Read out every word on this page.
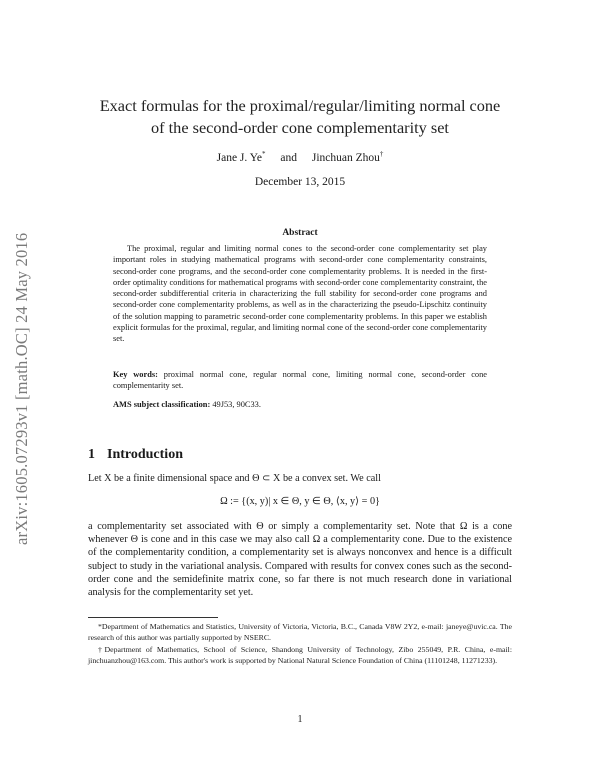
arXiv:1605.07293v1 [math.OC] 24 May 2016
Exact formulas for the proximal/regular/limiting normal cone
of the second-order cone complementarity set
Jane J. Ye* and Jinchuan Zhou†
December 13, 2015
Abstract
The proximal, regular and limiting normal cones to the second-order cone complementarity set play important roles in studying mathematical programs with second-order cone complementarity constraints, second-order cone programs, and the second-order cone complementarity problems. It is needed in the first-order optimality conditions for mathematical programs with second-order cone complementarity constraint, the second-order subdifferential criteria in characterizing the full stability for second-order cone programs and second-order cone complementarity problems, as well as in the characterizing the pseudo-Lipschitz continuity of the solution mapping to parametric second-order cone complementarity problems. In this paper we establish explicit formulas for the proximal, regular, and limiting normal cone of the second-order cone complementarity set.
Key words: proximal normal cone, regular normal cone, limiting normal cone, second-order cone complementarity set.
AMS subject classification: 49J53, 90C33.
1 Introduction
Let X be a finite dimensional space and Θ ⊂ X be a convex set. We call
Ω := {(x, y)| x ∈ Θ, y ∈ Θ, ⟨x, y⟩ = 0}
a complementarity set associated with Θ or simply a complementarity set. Note that Ω is a cone whenever Θ is cone and in this case we may also call Ω a complementarity cone. Due to the existence of the complementarity condition, a complementarity set is always nonconvex and hence is a difficult subject to study in the variational analysis. Compared with results for convex cones such as the second-order cone and the semidefinite matrix cone, so far there is not much research done in variational analysis for the complementarity set yet.
*Department of Mathematics and Statistics, University of Victoria, Victoria, B.C., Canada V8W 2Y2, e-mail: janeye@uvic.ca. The research of this author was partially supported by NSERC.
†Department of Mathematics, School of Science, Shandong University of Technology, Zibo 255049, P.R. China, e-mail: jinchuanzhou@163.com. This author's work is supported by National Natural Science Foundation of China (11101248, 11271233).
1
